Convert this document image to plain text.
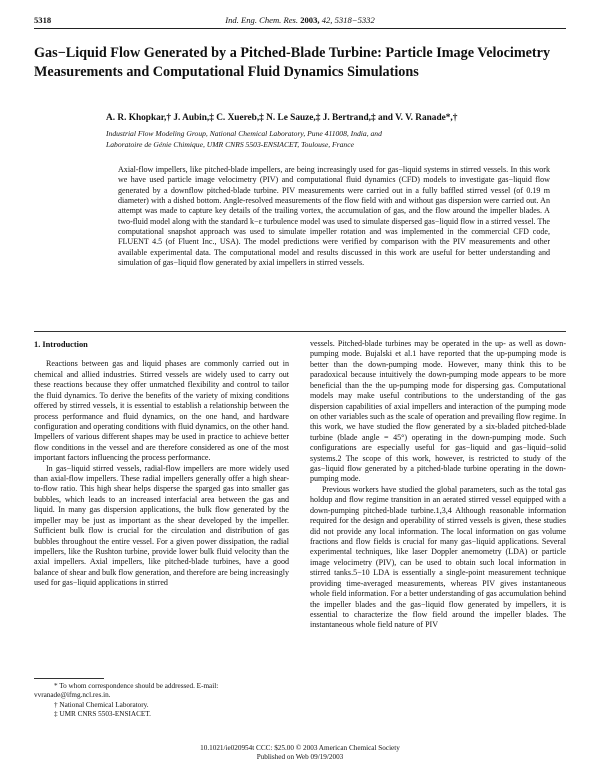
5318	Ind. Eng. Chem. Res. 2003, 42, 5318−5332
Gas−Liquid Flow Generated by a Pitched-Blade Turbine: Particle Image Velocimetry Measurements and Computational Fluid Dynamics Simulations
A. R. Khopkar,† J. Aubin,‡ C. Xuereb,‡ N. Le Sauze,‡ J. Bertrand,‡ and V. V. Ranade*,†
Industrial Flow Modeling Group, National Chemical Laboratory, Pune 411008, India, and
Laboratoire de Génie Chimique, UMR CNRS 5503-ENSIACET, Toulouse, France
Axial-flow impellers, like pitched-blade impellers, are being increasingly used for gas−liquid systems in stirred vessels. In this work we have used particle image velocimetry (PIV) and computational fluid dynamics (CFD) models to investigate gas−liquid flow generated by a downflow pitched-blade turbine. PIV measurements were carried out in a fully baffled stirred vessel (of 0.19 m diameter) with a dished bottom. Angle-resolved measurements of the flow field with and without gas dispersion were carried out. An attempt was made to capture key details of the trailing vortex, the accumulation of gas, and the flow around the impeller blades. A two-fluid model along with the standard k−ε turbulence model was used to simulate dispersed gas−liquid flow in a stirred vessel. The computational snapshot approach was used to simulate impeller rotation and was implemented in the commercial CFD code, FLUENT 4.5 (of Fluent Inc., USA). The model predictions were verified by comparison with the PIV measurements and other available experimental data. The computational model and results discussed in this work are useful for better understanding and simulation of gas−liquid flow generated by axial impellers in stirred vessels.

1. Introduction

Reactions between gas and liquid phases are commonly carried out in chemical and allied industries. Stirred vessels are widely used to carry out these reactions because they offer unmatched flexibility and control to tailor the fluid dynamics. To derive the benefits of the variety of mixing conditions offered by stirred vessels, it is essential to establish a relationship between the process performance and fluid dynamics, on the one hand, and hardware configuration and operating conditions with fluid dynamics, on the other hand. Impellers of various different shapes may be used in practice to achieve better flow conditions in the vessel and are therefore considered as one of the most important factors influencing the process performance.

In gas−liquid stirred vessels, radial-flow impellers are more widely used than axial-flow impellers. These radial impellers generally offer a high shear-to-flow ratio. This high shear helps disperse the sparged gas into smaller gas bubbles, which leads to an increased interfacial area between the gas and liquid. In many gas dispersion applications, the bulk flow generated by the impeller may be just as important as the shear developed by the impeller. Sufficient bulk flow is crucial for the circulation and distribution of gas bubbles throughout the entire vessel. For a given power dissipation, the radial impellers, like the Rushton turbine, provide lower bulk fluid velocity than the axial impellers. Axial impellers, like pitched-blade turbines, have a good balance of shear and bulk flow generation, and therefore are being increasingly used for gas−liquid applications in stirred

vessels. Pitched-blade turbines may be operated in the up- as well as down-pumping mode. Bujalski et al.1 have reported that the up-pumping mode is better than the down-pumping mode. However, many think this to be paradoxical because intuitively the down-pumping mode appears to be more beneficial than the the up-pumping mode for dispersing gas. Computational models may make useful contributions to the understanding of the gas dispersion capabilities of axial impellers and interaction of the pumping mode on other variables such as the scale of operation and prevailing flow regime. In this work, we have studied the flow generated by a six-bladed pitched-blade turbine (blade angle = 45°) operating in the down-pumping mode. Such configurations are especially useful for gas−liquid and gas−liquid−solid systems.2 The scope of this work, however, is restricted to study of the gas−liquid flow generated by a pitched-blade turbine operating in the down-pumping mode.

Previous workers have studied the global parameters, such as the total gas holdup and flow regime transition in an aerated stirred vessel equipped with a down-pumping pitched-blade turbine.1,3,4 Although reasonable information required for the design and operability of stirred vessels is given, these studies did not provide any local information. The local information on gas volume fractions and flow fields is crucial for many gas−liquid applications. Several experimental techniques, like laser Doppler anemometry (LDA) or particle image velocimetry (PIV), can be used to obtain such local information in stirred tanks.5−10 LDA is essentially a single-point measurement technique providing time-averaged measurements, whereas PIV gives instantaneous whole field information. For a better understanding of gas accumulation behind the impeller blades and the gas−liquid flow generated by impellers, it is essential to characterize the flow field around the impeller blades. The instantaneous whole field nature of PIV

* To whom correspondence should be addressed. E-mail:
vvranade@ifmg.ncl.res.in.
† National Chemical Laboratory.
‡ UMR CNRS 5503-ENSIACET.
10.1021/ie020954t CCC: $25.00 © 2003 American Chemical Society
Published on Web 09/19/2003
